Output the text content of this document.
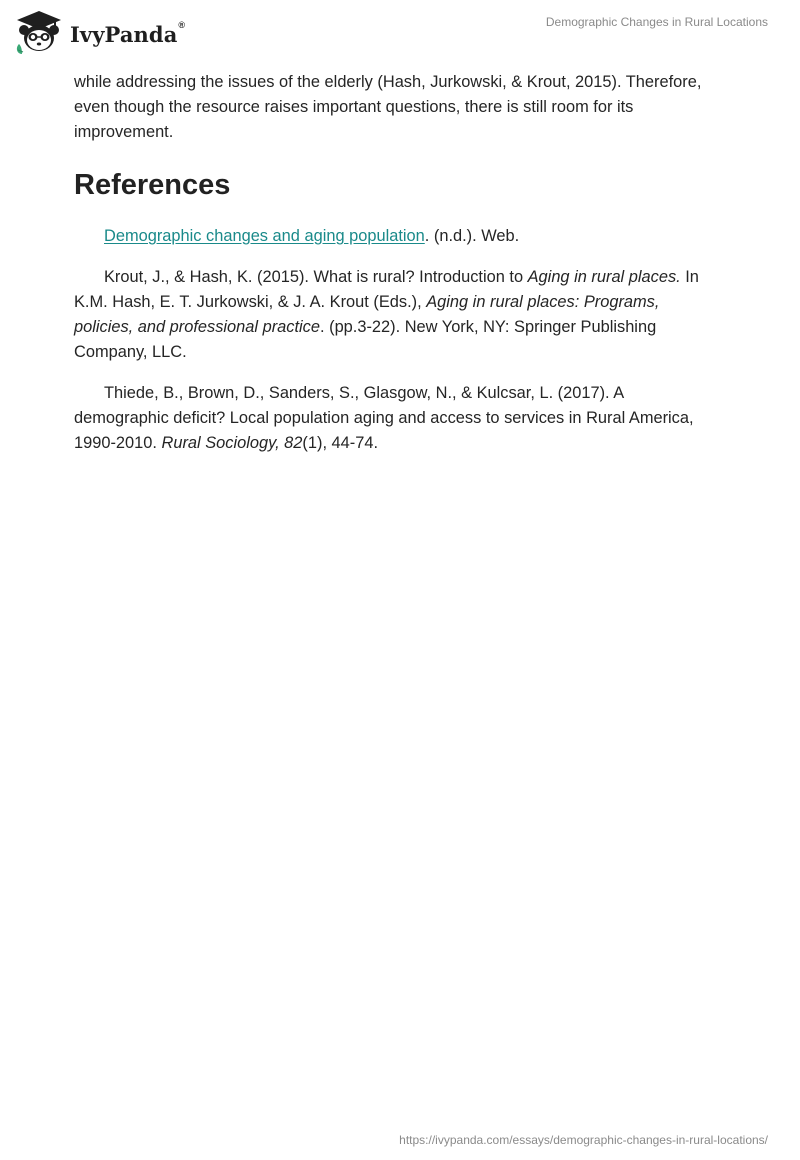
IvyPanda®	Demographic Changes in Rural Locations

while addressing the issues of the elderly (Hash, Jurkowski, & Krout, 2015). Therefore, even though the resource raises important questions, there is still room for its improvement.

References

Demographic changes and aging population. (n.d.). Web.

Krout, J., & Hash, K. (2015). What is rural? Introduction to Aging in rural places. In K.M. Hash, E. T. Jurkowski, & J. A. Krout (Eds.), Aging in rural places: Programs, policies, and professional practice. (pp.3-22). New York, NY: Springer Publishing Company, LLC.

Thiede, B., Brown, D., Sanders, S., Glasgow, N., & Kulcsar, L. (2017). A demographic deficit? Local population aging and access to services in Rural America, 1990-2010. Rural Sociology, 82(1), 44-74.

https://ivypanda.com/essays/demographic-changes-in-rural-locations/
